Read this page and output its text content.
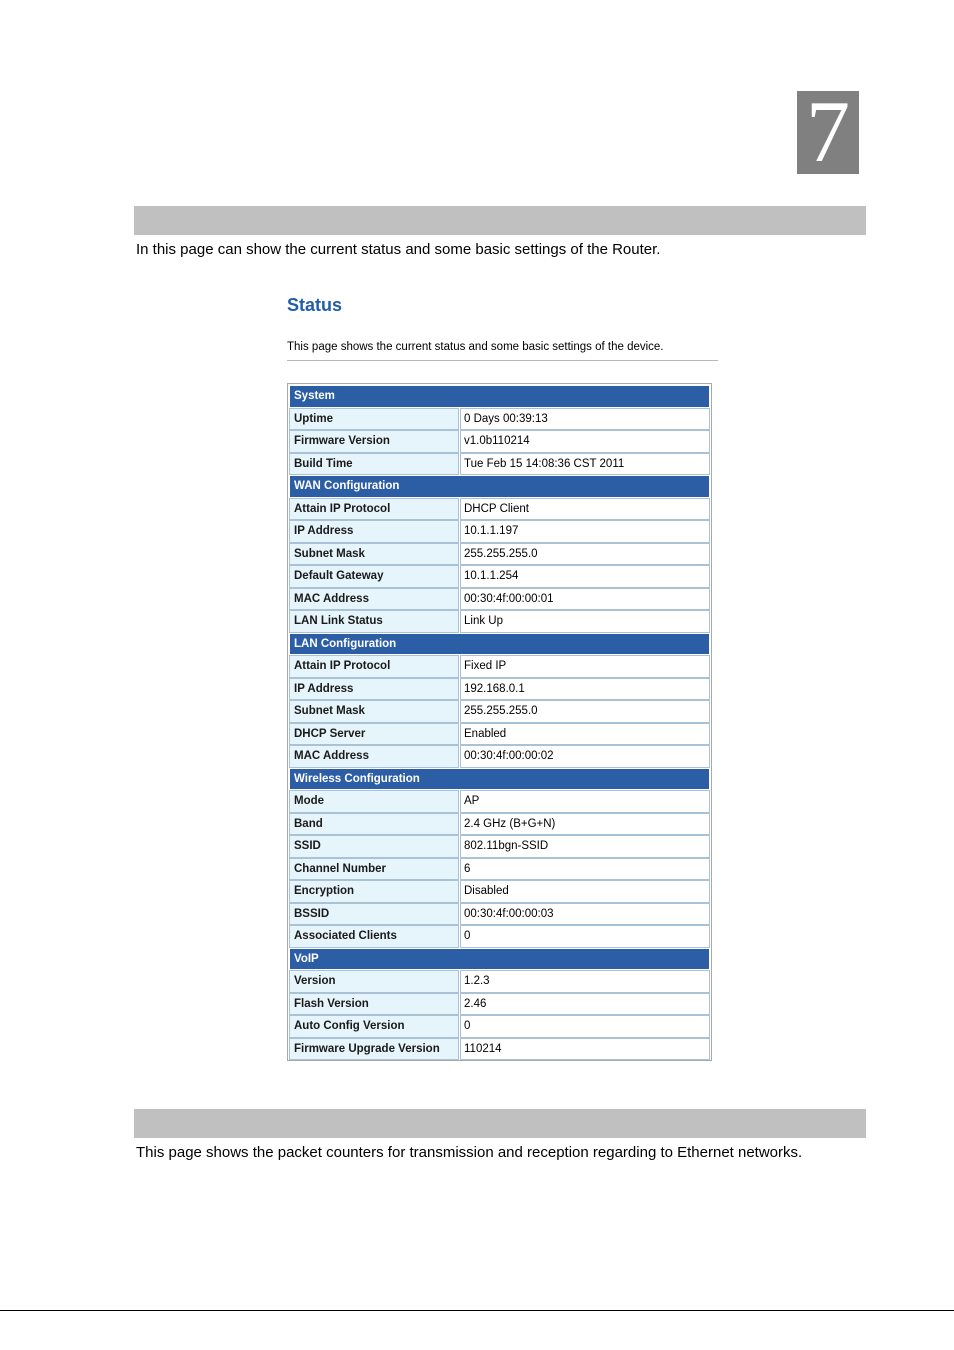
7
In this page can show the current status and some basic settings of the Router.
Status
This page shows the current status and some basic settings of the device.
System
Uptime	0 Days 00:39:13
Firmware Version	v1.0b110214
Build Time	Tue Feb 15 14:08:36 CST 2011
WAN Configuration
Attain IP Protocol	DHCP Client
IP Address	10.1.1.197
Subnet Mask	255.255.255.0
Default Gateway	10.1.1.254
MAC Address	00:30:4f:00:00:01
LAN Link Status	Link Up
LAN Configuration
Attain IP Protocol	Fixed IP
IP Address	192.168.0.1
Subnet Mask	255.255.255.0
DHCP Server	Enabled
MAC Address	00:30:4f:00:00:02
Wireless Configuration
Mode	AP
Band	2.4 GHz (B+G+N)
SSID	802.11bgn-SSID
Channel Number	6
Encryption	Disabled
BSSID	00:30:4f:00:00:03
Associated Clients	0
VoIP
Version	1.2.3
Flash Version	2.46
Auto Config Version	0
Firmware Upgrade Version	110214
This page shows the packet counters for transmission and reception regarding to Ethernet networks.
